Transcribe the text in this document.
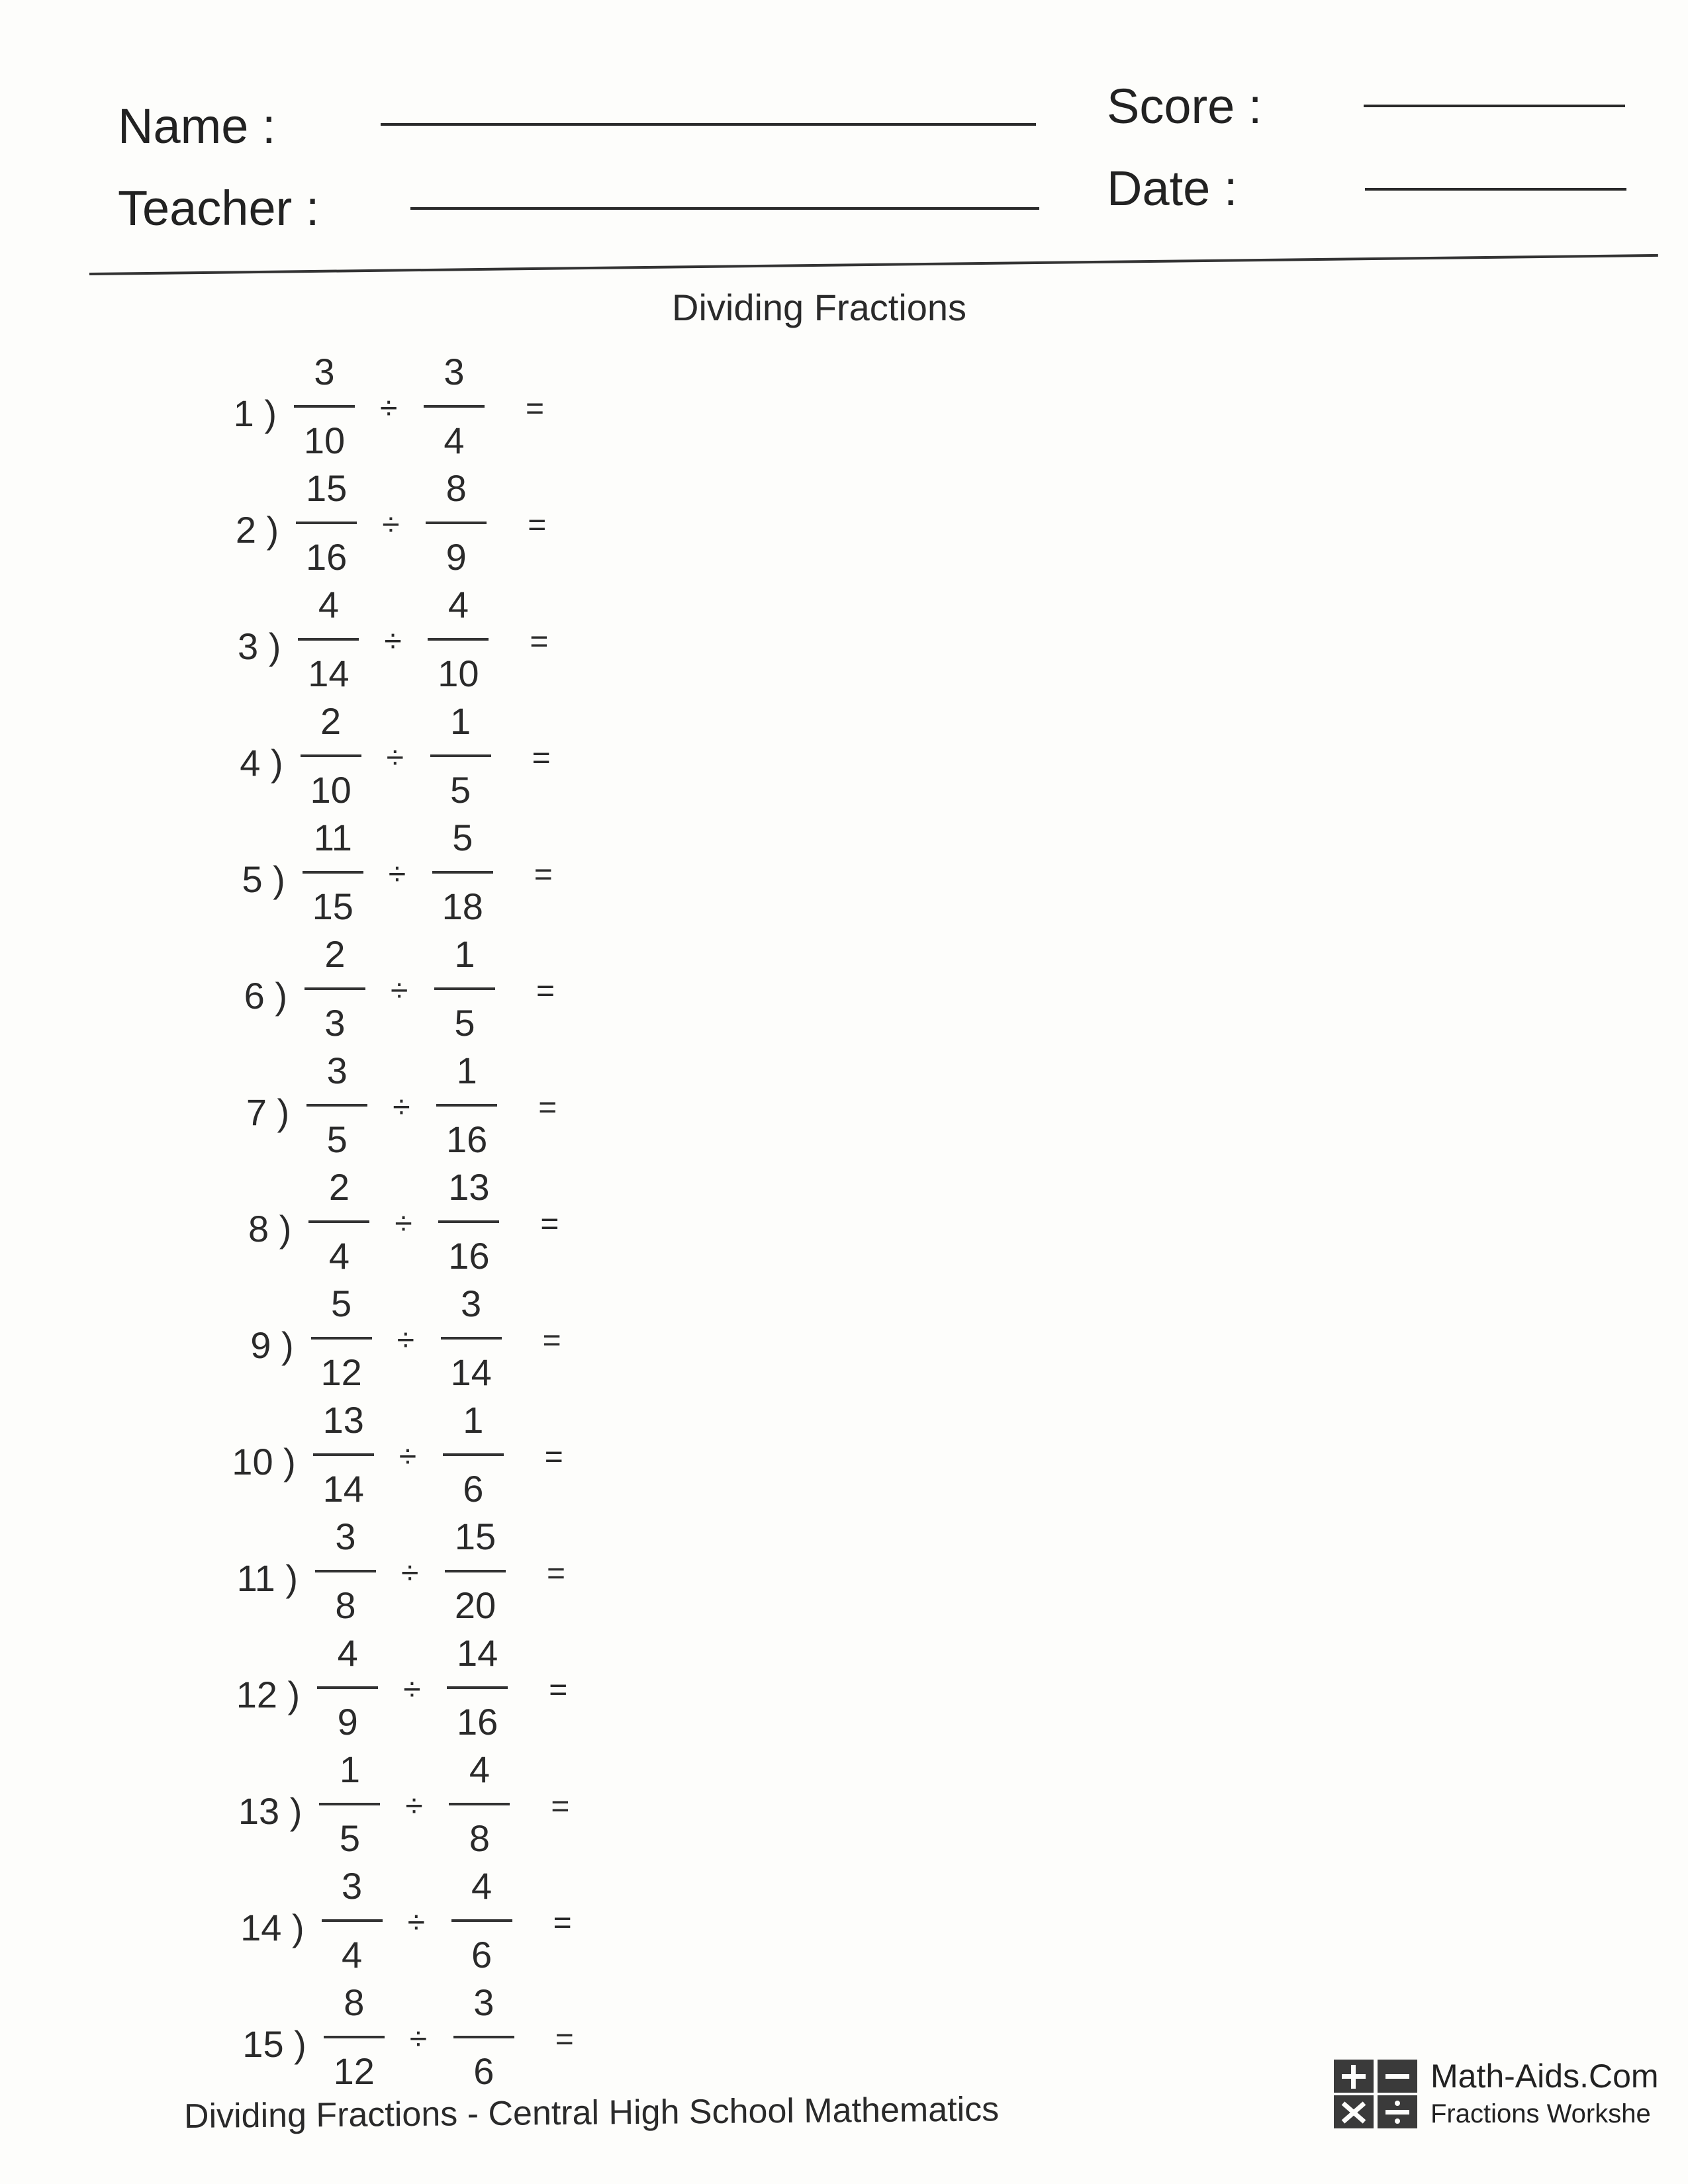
Name :
Teacher :
Score :
Date :
Dividing Fractions
1 )
3
10
÷
3
4
=
2 )
15
16
÷
8
9
=
3 )
4
14
÷
4
10
=
4 )
2
10
÷
1
5
=
5 )
11
15
÷
5
18
=
6 )
2
3
÷
1
5
=
7 )
3
5
÷
1
16
=
8 )
2
4
÷
13
16
=
9 )
5
12
÷
3
14
=
10 )
13
14
÷
1
6
=
11 )
3
8
÷
15
20
=
12 )
4
9
÷
14
16
=
13 )
1
5
÷
4
8
=
14 )
3
4
÷
4
6
=
15 )
8
12
÷
3
6
=
Dividing Fractions - Central High School Mathematics
Math-Aids.Com
Fractions Workshe
